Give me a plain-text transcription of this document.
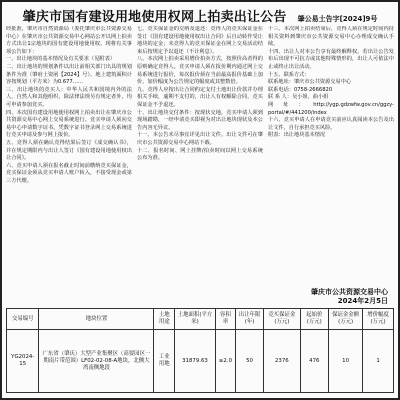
肇庆市国有建设用地使用权网上拍卖出让公告 肇公易土告字[2024]9号

经批准，肇庆市自然资源局（委托肇庆市公共资源交易中心）在肇庆市公共资源交易中心网站公开以网上拍卖方式出让1宗地块的国有建设用地使用权。现将有关事项公告如下：

一、出让地块的基本情况及有关要求（见附表）

二、出让地块的规划条件以出让前相关部门出具的规划条件为准（肇府土资函【2024】号）。地上建筑面积计容按规划（平方米）为0.677……

三、出让地块的竞买人：中华人民共和国境内外的法人、自然人和其他组织，除法律法规另有规定者外，均可申请参加竞买。

四、本次国有建设用地使用权网上拍卖出让在肇庆市公共资源交易中心网上交易系统进行。竞买申请人须向交易中心申请数字证书，凭数字证书登录网上交易系统进行竞买申请及参与网上报价。

五、竞得人须在确认竞得结果后签订《成交确认书》，并在规定期限内与出让人签订《国有建设用地使用权出让合同》。

六、竞买申请人须在报名截止时间前缴纳竞买保证金，竞买保证金须从竞买申请人账户转入，不接受现金或第三方代缴。

七、竞买保证金的交纳及退还：竞得人的竞买保证金在签订《国有建设用地使用权出让合同》后自动转作受让地块的定金；未竞得人的竞买保证金在网上交易活动结束后按规定予以退还（不计利息）。

八、本次网上拍卖采用增价拍卖方式，按照价高者得的原则确定竞得人。竞买申请人须在报价期内通过网上交易系统进行报价，每次报价须在当前最高报价基础上加价，加价幅度为公告规定的幅度或其整数倍。

九、竞得人应按出让合同约定支付土地出让价款并办理相关手续，逾期不支付的，出让人有权解除合同，竞买保证金不予退还。

十、出让地块交付条件：按现状交地，竞买申请人须到现场踏勘，一经申请竞买即视为对出让地块现状及本公告内容无异议。

十一、本公告未尽事宜详见出让文件。出让文件可在肇庆市公共资源交易中心网站下载。

十二、报名时间、网上挂牌/拍卖时间以网上交易系统公布为准。

十三、本次网上拍卖结束后，竞得人须在规定时间内持相关资料到肇庆市公共资源交易中心办理成交确认手续。

十四、出让人对本公告享有最终解释权。若出让公告发布后出现不可抗力或其他特殊情形的，出让人可依法中止或终止出让活动。

十五、联系方式：

联系地址：肇庆市公共资源交易中心

联系电话：0758-2666820

联 系 人：吴小姐、曲小姐

网址：http://ygp.gdzwfw.gov.cn/ggzy-portal/#/441200/index

十六、竞买申请人在申请竞买前应认真阅读本公告及出让文件，自行承担竞买风险。

附表：出让地块基本情况

肇庆市公共资源交易中心
2024年2月5日
交易编号	地块位置	土地用途	土地面积(平方米)	容积率	出让年限(年)	竞买保证金(万元)	起始价(万元)	保证金金额(万元)	增价幅度(万元)
YG2024-15	广东省（肇庆）大型产业集聚区（高要园区一期南片带范围）LF02-02-08-A地块，北侧大湾南侧地段	工业用地	31879.63	≥2.0	50	2376	476	10	1
